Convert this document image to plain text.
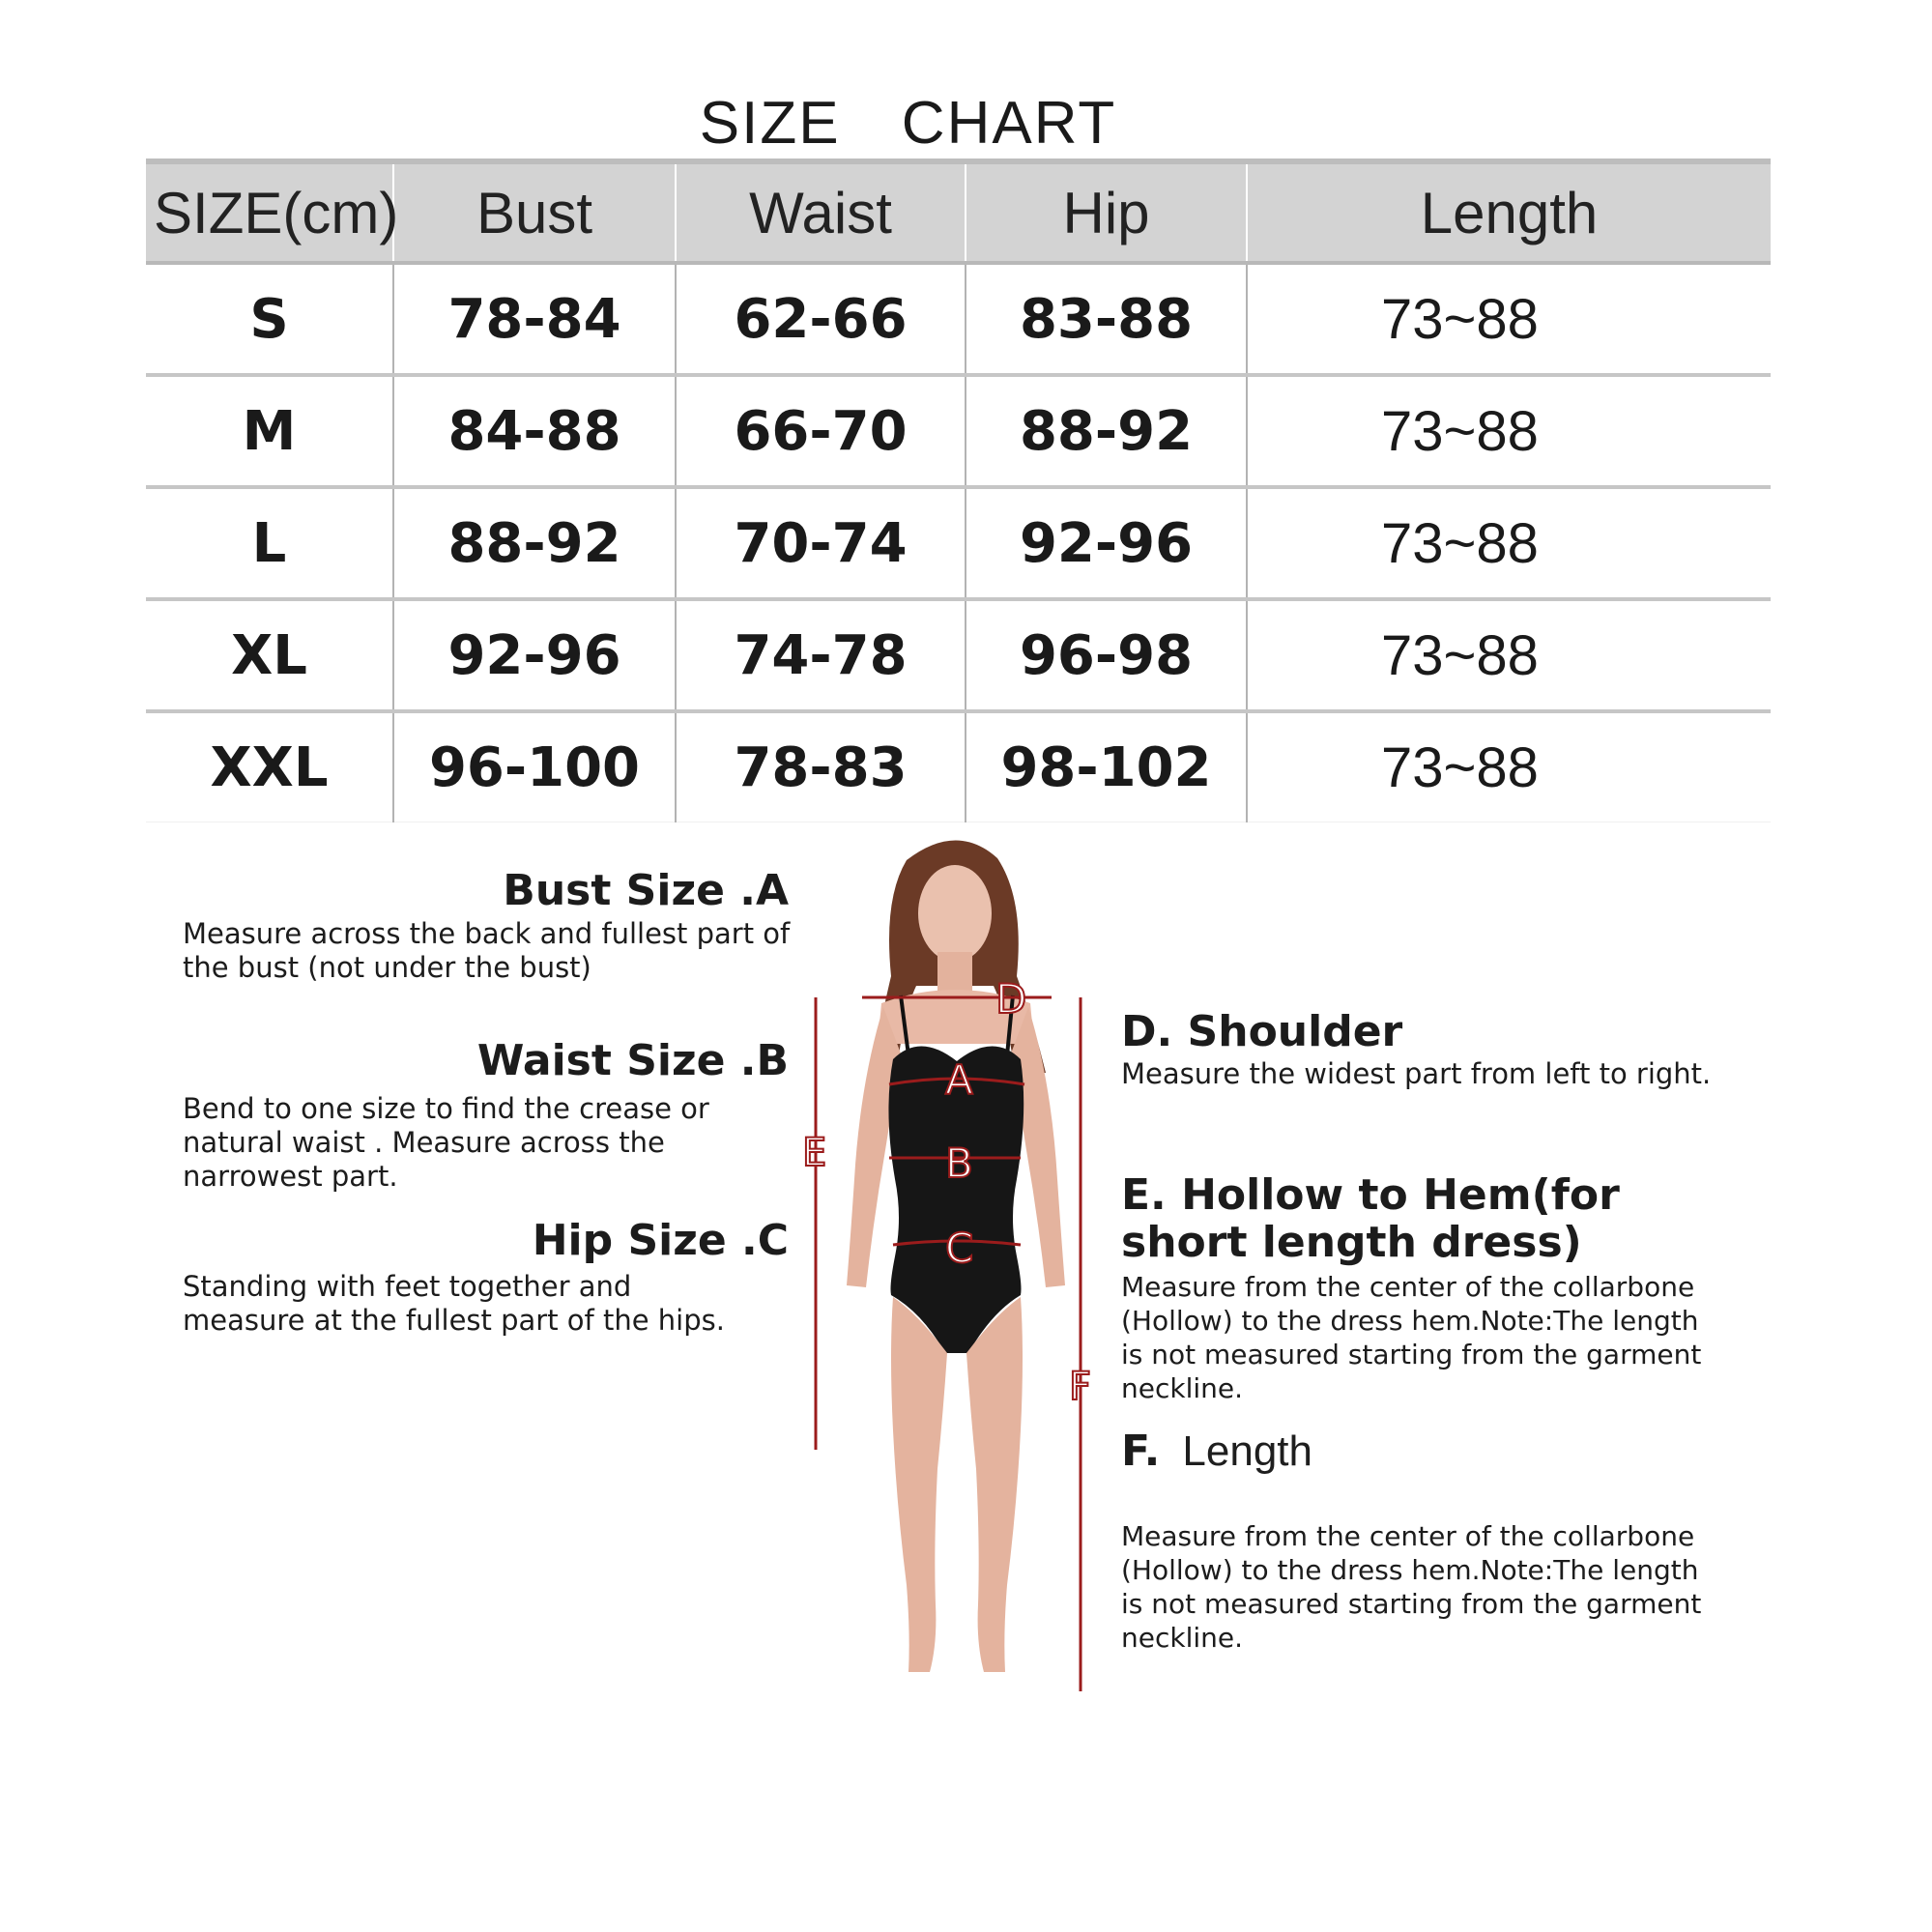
SIZE CHART
SIZE(cm)	Bust	Waist	Hip	Length
S	78-84	62-66	83-88	73~88
M	84-88	66-70	88-92	73~88
L	88-92	70-74	92-96	73~88
XL	92-96	74-78	96-98	73~88
XXL	96-100	78-83	98-102	73~88
Bust Size .A
Measure across the back and fullest part of the bust (not under the bust)
Waist Size .B
Bend to one size to find the crease or natural waist . Measure across the narrowest part.
Hip Size .C
Standing with feet together and measure at the fullest part of the hips.
D. Shoulder
Measure the widest part from left to right.
E. Hollow to Hem(for short length dress)
Measure from the center of the collarbone (Hollow) to the dress hem.Note:The length is not measured starting from the garment neckline.
F. Length
Measure from the center of the collarbone (Hollow) to the dress hem.Note:The length is not measured starting from the garment neckline.
D
A
B
C
E
F
